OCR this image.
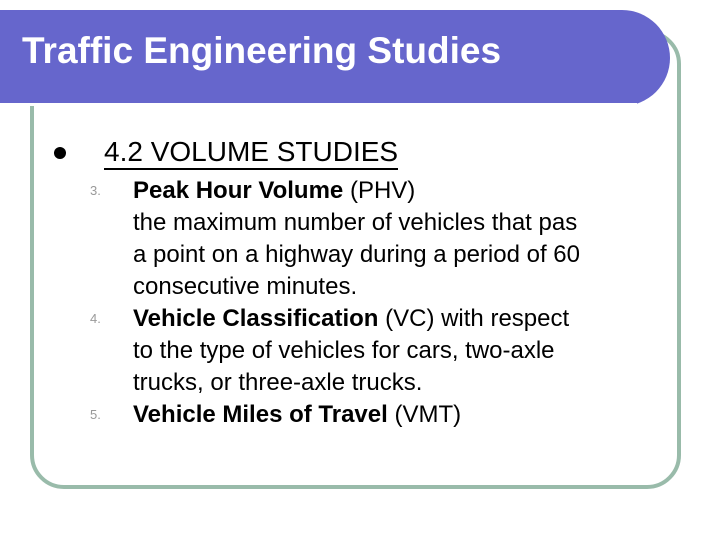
Traffic Engineering Studies
4.2 VOLUME STUDIES
3. Peak Hour Volume (PHV)
the maximum number of vehicles that pas
a point on a highway during a period of 60
consecutive minutes.
4. Vehicle Classification (VC) with respect
to the type of vehicles for cars, two-axle
trucks, or three-axle trucks.
5. Vehicle Miles of Travel (VMT)
